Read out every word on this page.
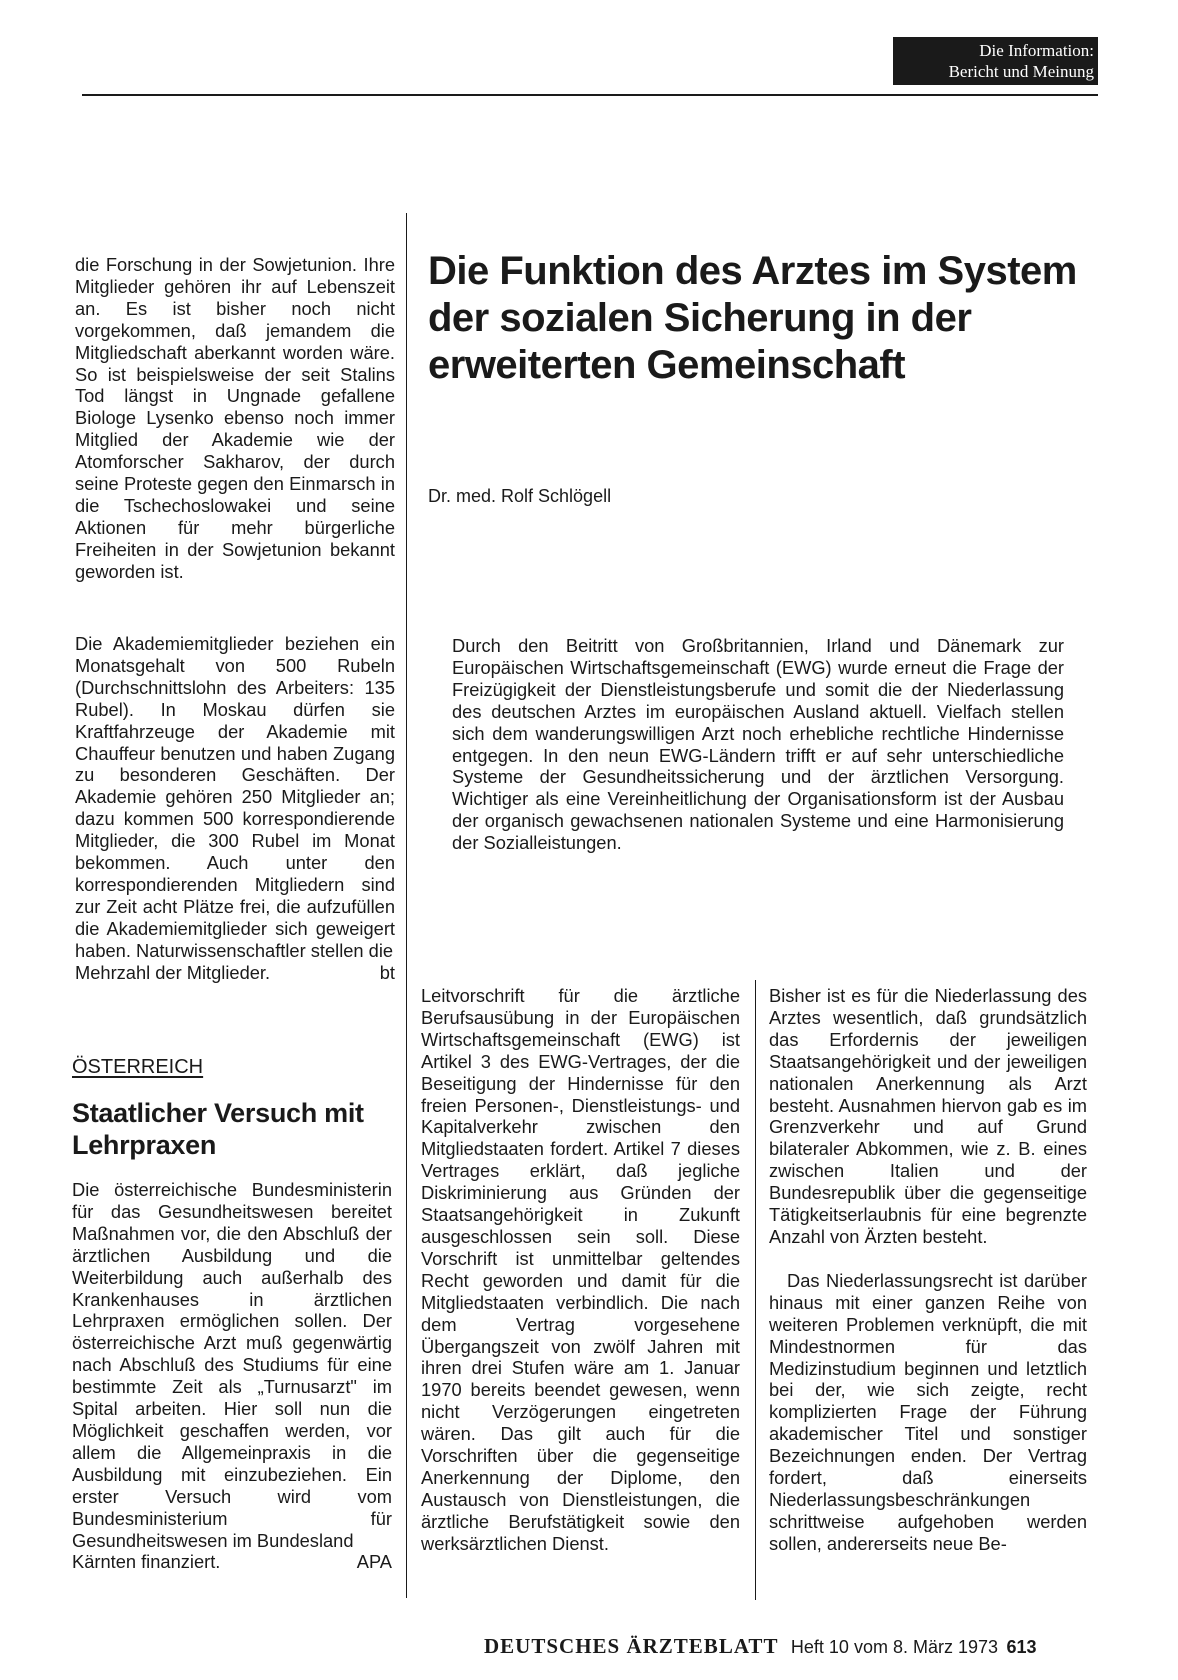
Die Information:
Bericht und Meinung

die Forschung in der Sowjetunion. Ihre Mitglieder gehören ihr auf Lebenszeit an. Es ist bisher noch nicht vorgekommen, daß jemandem die Mitgliedschaft aberkannt worden wäre. So ist beispielsweise der seit Stalins Tod längst in Ungnade gefallene Biologe Lysenko ebenso noch immer Mitglied der Akademie wie der Atomforscher Sakharov, der durch seine Proteste gegen den Einmarsch in die Tschechoslowakei und seine Aktionen für mehr bürgerliche Freiheiten in der Sowjetunion bekannt geworden ist.

Die Akademiemitglieder beziehen ein Monatsgehalt von 500 Rubeln (Durchschnittslohn des Arbeiters: 135 Rubel). In Moskau dürfen sie Kraftfahrzeuge der Akademie mit Chauffeur benutzen und haben Zugang zu besonderen Geschäften. Der Akademie gehören 250 Mitglieder an; dazu kommen 500 korrespondierende Mitglieder, die 300 Rubel im Monat bekommen. Auch unter den korrespondierenden Mitgliedern sind zur Zeit acht Plätze frei, die aufzufüllen die Akademiemitglieder sich geweigert haben. Naturwissenschaftler stellen die

Mehrzahl der Mitglieder.	bt
ÖSTERREICH
Staatlicher Versuch mit Lehrpraxen

Die österreichische Bundesministerin für das Gesundheitswesen bereitet Maßnahmen vor, die den Abschluß der ärztlichen Ausbildung und die Weiterbildung auch außerhalb des Krankenhauses in ärztlichen Lehrpraxen ermöglichen sollen. Der österreichische Arzt muß gegenwärtig nach Abschluß des Studiums für eine bestimmte Zeit als „Turnusarzt" im Spital arbeiten. Hier soll nun die Möglichkeit geschaffen werden, vor allem die Allgemeinpraxis in die Ausbildung mit einzubeziehen. Ein erster Versuch wird vom Bundesministerium für Gesundheitswesen im Bundesland

Kärnten finanziert.	APA
Die Funktion des Arztes im System der sozialen Sicherung in der erweiterten Gemeinschaft
Dr. med. Rolf Schlögell
Durch den Beitritt von Großbritannien, Irland und Dänemark zur Europäischen Wirtschaftsgemeinschaft (EWG) wurde erneut die Frage der Freizügigkeit der Dienstleistungsberufe und somit die der Niederlassung des deutschen Arztes im europäischen Ausland aktuell. Vielfach stellen sich dem wanderungswilligen Arzt noch erhebliche rechtliche Hindernisse entgegen. In den neun EWG-Ländern trifft er auf sehr unterschiedliche Systeme der Gesundheitssicherung und der ärztlichen Versorgung. Wichtiger als eine Vereinheitlichung der Organisationsform ist der Ausbau der organisch gewachsenen nationalen Systeme und eine Harmonisierung der Sozialleistungen.

Leitvorschrift für die ärztliche Berufsausübung in der Europäischen Wirtschaftsgemeinschaft (EWG) ist Artikel 3 des EWG-Vertrages, der die Beseitigung der Hindernisse für den freien Personen-, Dienstleistungs- und Kapitalverkehr zwischen den Mitgliedstaaten fordert. Artikel 7 dieses Vertrages erklärt, daß jegliche Diskriminierung aus Gründen der Staatsangehörigkeit in Zukunft ausgeschlossen sein soll. Diese Vorschrift ist unmittelbar geltendes Recht geworden und damit für die Mitgliedstaaten verbindlich. Die nach dem Vertrag vorgesehene Übergangszeit von zwölf Jahren mit ihren drei Stufen wäre am 1. Januar 1970 bereits beendet gewesen, wenn nicht Verzögerungen eingetreten wären. Das gilt auch für die Vorschriften über die gegenseitige Anerkennung der Diplome, den Austausch von Dienstleistungen, die ärztliche Berufstätigkeit sowie den werksärztlichen Dienst.

Bisher ist es für die Niederlassung des Arztes wesentlich, daß grundsätzlich das Erfordernis der jeweiligen Staatsangehörigkeit und der jeweiligen nationalen Anerkennung als Arzt besteht. Ausnahmen hiervon gab es im Grenzverkehr und auf Grund bilateraler Abkommen, wie z. B. eines zwischen Italien und der Bundesrepublik über die gegenseitige Tätigkeitserlaubnis für eine begrenzte Anzahl von Ärzten besteht.

Das Niederlassungsrecht ist darüber hinaus mit einer ganzen Reihe von weiteren Problemen verknüpft, die mit Mindestnormen für das Medizinstudium beginnen und letztlich bei der, wie sich zeigte, recht komplizierten Frage der Führung akademischer Titel und sonstiger Bezeichnungen enden. Der Vertrag fordert, daß einerseits Niederlassungsbeschränkungen schrittweise aufgehoben werden sollen, andererseits neue Be-

DEUTSCHES ÄRZTEBLATT Heft 10 vom 8. März 1973 613
